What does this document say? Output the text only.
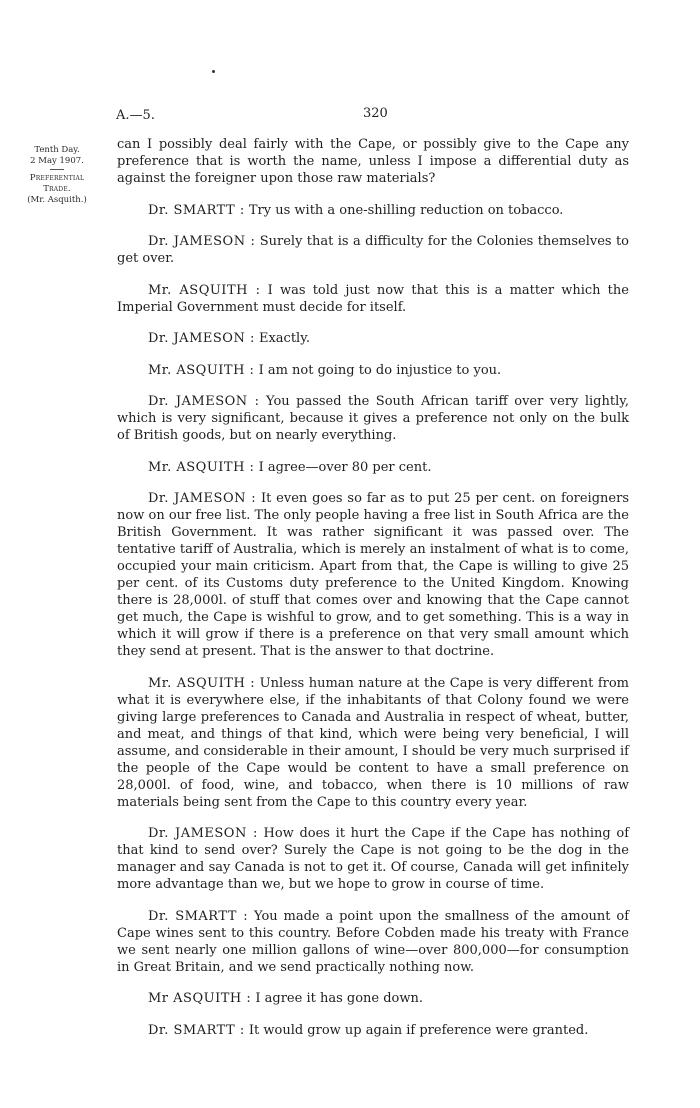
A.—5.	320
Tenth Day.
2 May 1907.
Preferential
Trade.
(Mr. Asquith.)

can I possibly deal fairly with the Cape, or possibly give to the Cape any preference that is worth the name, unless I impose a differential duty as against the foreigner upon those raw materials?

Dr. SMARTT : Try us with a one-shilling reduction on tobacco.

Dr. JAMESON : Surely that is a difficulty for the Colonies themselves to get over.

Mr. ASQUITH : I was told just now that this is a matter which the Imperial Government must decide for itself.

Dr. JAMESON : Exactly.

Mr. ASQUITH : I am not going to do injustice to you.

Dr. JAMESON : You passed the South African tariff over very lightly, which is very significant, because it gives a preference not only on the bulk of British goods, but on nearly everything.

Mr. ASQUITH : I agree—over 80 per cent.

Dr. JAMESON : It even goes so far as to put 25 per cent. on foreigners now on our free list. The only people having a free list in South Africa are the British Government. It was rather significant it was passed over. The tentative tariff of Australia, which is merely an instalment of what is to come, occupied your main criticism. Apart from that, the Cape is willing to give 25 per cent. of its Customs duty preference to the United Kingdom. Knowing there is 28,000l. of stuff that comes over and knowing that the Cape cannot get much, the Cape is wishful to grow, and to get something. This is a way in which it will grow if there is a preference on that very small amount which they send at present. That is the answer to that doctrine.

Mr. ASQUITH : Unless human nature at the Cape is very different from what it is everywhere else, if the inhabitants of that Colony found we were giving large preferences to Canada and Australia in respect of wheat, butter, and meat, and things of that kind, which were being very beneficial, I will assume, and considerable in their amount, I should be very much surprised if the people of the Cape would be content to have a small preference on 28,000l. of food, wine, and tobacco, when there is 10 millions of raw materials being sent from the Cape to this country every year.

Dr. JAMESON : How does it hurt the Cape if the Cape has nothing of that kind to send over? Surely the Cape is not going to be the dog in the manager and say Canada is not to get it. Of course, Canada will get infinitely more advantage than we, but we hope to grow in course of time.

Dr. SMARTT : You made a point upon the smallness of the amount of Cape wines sent to this country. Before Cobden made his treaty with France we sent nearly one million gallons of wine—over 800,000—for consumption in Great Britain, and we send practically nothing now.

Mr ASQUITH : I agree it has gone down.

Dr. SMARTT : It would grow up again if preference were granted.
